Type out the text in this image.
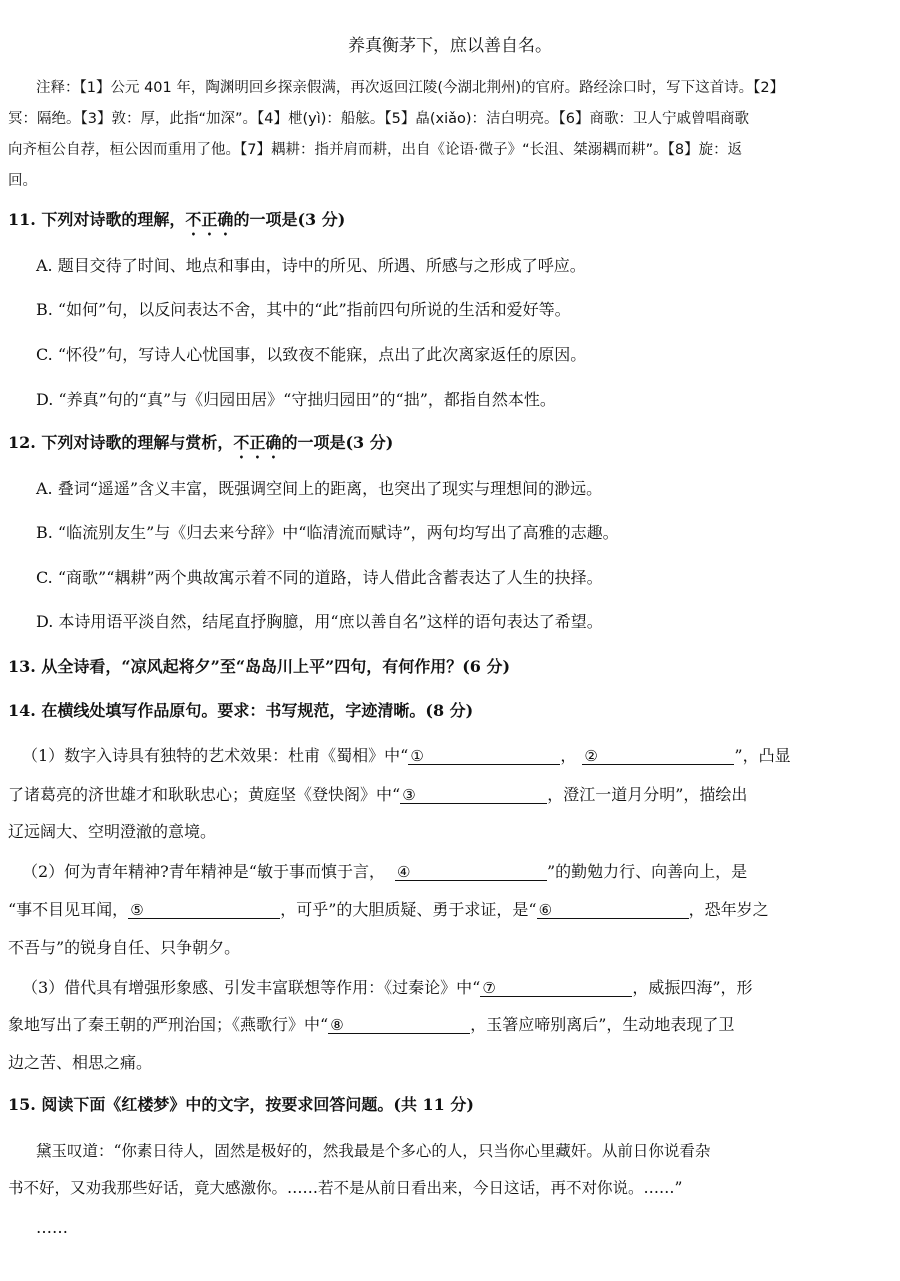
养真衡茅下，庶以善自名。
注释：【1】公元 401 年，陶渊明回乡探亲假满，再次返回江陵(今湖北荆州)的官府。路经涂口时，写下这首诗。【2】
冥：隔绝。【3】敦：厚，此指“加深”。【4】枻(yì)：船舷。【5】皛(xiǎo)：洁白明亮。【6】商歌：卫人宁戚曾唱商歌
向齐桓公自荐，桓公因而重用了他。【7】耦耕：指并肩而耕，出自《论语·微子》“长沮、桀溺耦而耕”。【8】旋：返
回。
11. 下列对诗歌的理解，不正确的一项是(3 分)
A. 题目交待了时间、地点和事由，诗中的所见、所遇、所感与之形成了呼应。
B. “如何”句，以反问表达不舍，其中的“此”指前四句所说的生活和爱好等。
C. “怀役”句，写诗人心忧国事，以致夜不能寐，点出了此次离家返任的原因。
D. “养真”句的“真”与《归园田居》“守拙归园田”的“拙”，都指自然本性。
12. 下列对诗歌的理解与赏析，不正确的一项是(3 分)
A. 叠词“遥遥”含义丰富，既强调空间上的距离，也突出了现实与理想间的渺远。
B. “临流别友生”与《归去来兮辞》中“临清流而赋诗”，两句均写出了高雅的志趣。
C. “商歌”“耦耕”两个典故寓示着不同的道路，诗人借此含蓄表达了人生的抉择。
D. 本诗用语平淡自然，结尾直抒胸臆，用“庶以善自名”这样的语句表达了希望。
13. 从全诗看，“凉风起将夕”至“岛岛川上平”四句，有何作用？(6 分)
14. 在横线处填写作品原句。要求：书写规范，字迹清晰。(8 分)
（1）数字入诗具有独特的艺术效果：杜甫《蜀相》中“ ①	， ②	”，凸显
了诸葛亮的济世雄才和耿耿忠心；黄庭坚《登快阁》中“ ③	，澄江一道月分明”，描绘出
辽远阔大、空明澄澈的意境。
（2）何为青年精神?青年精神是“敏于事而慎于言， ④	”的勤勉力行、向善向上，是
“事不目见耳闻， ⑤	，可乎”的大胆质疑、勇于求证，是“ ⑥	，恐年岁之
不吾与”的锐身自任、只争朝夕。
（3）借代具有增强形象感、引发丰富联想等作用：《过秦论》中“ ⑦	，威振四海”，形
象地写出了秦王朝的严刑治国；《燕歌行》中“ ⑧	，玉箸应啼别离后”，生动地表现了卫
边之苦、相思之痛。
15. 阅读下面《红楼梦》中的文字，按要求回答问题。(共 11 分)
黛玉叹道：“你素日待人，固然是极好的，然我最是个多心的人，只当你心里藏奸。从前日你说看杂
书不好，又劝我那些好话，竟大感激你。……若不是从前日看出来，今日这话，再不对你说。……”
……
